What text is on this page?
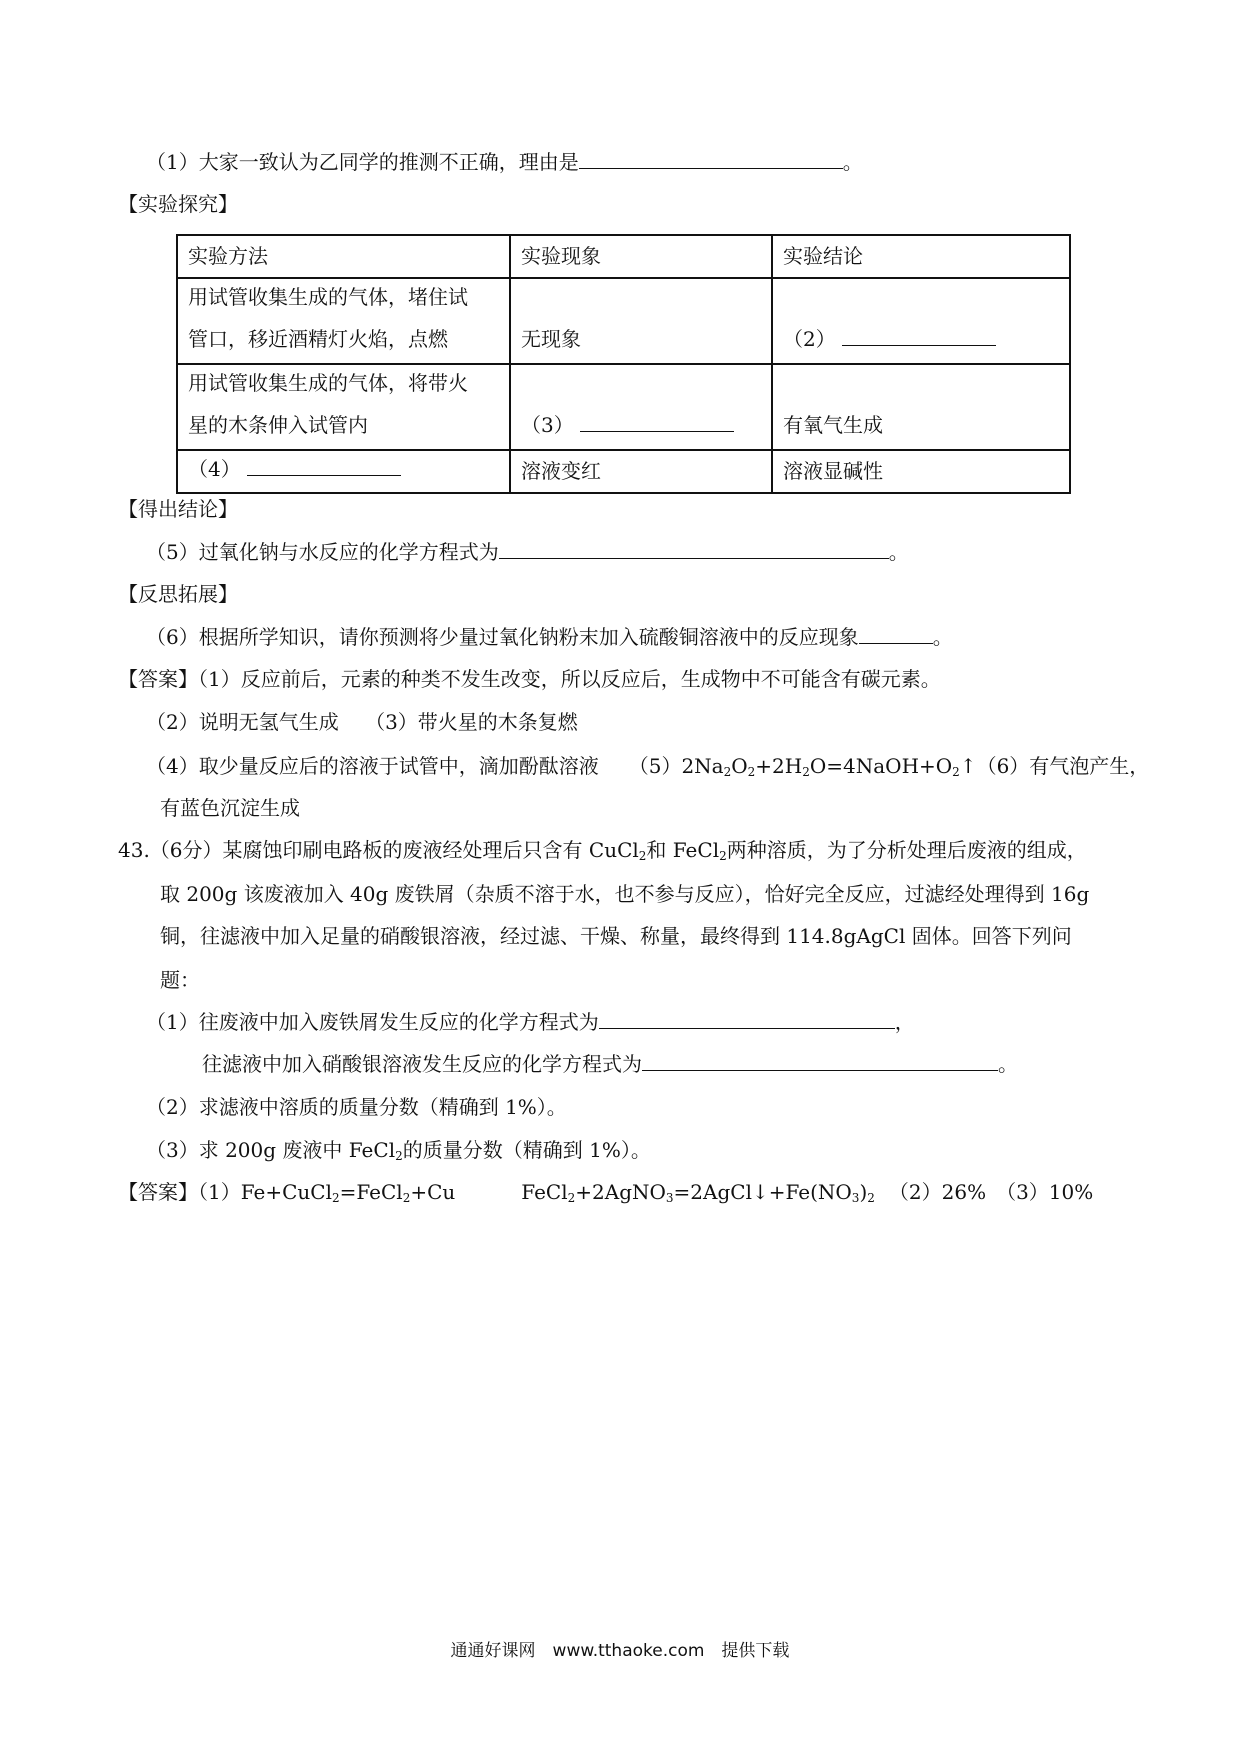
（1）大家一致认为乙同学的推测不正确，理由是	。
【实验探究】
实验方法	实验现象	实验结论

用试管收集生成的气体，堵住试
管口，移近酒精灯火焰，点燃	无现象	（2）

用试管收集生成的气体，将带火
星的木条伸入试管内	（3）	有氧气生成

（4）	溶液变红	溶液显碱性
【得出结论】
（5）过氧化钠与水反应的化学方程式为	。
【反思拓展】
（6）根据所学知识，请你预测将少量过氧化钠粉末加入硫酸铜溶液中的反应现象	。
【答案】（1）反应前后，元素的种类不发生改变，所以反应后，生成物中不可能含有碳元素。
（2）说明无氢气生成　 （3）带火星的木条复燃
（4）取少量反应后的溶液于试管中，滴加酚酞溶液　　$(5)2Na_2O_2+2H_2O=4NaOH+O_2↑(6)$有气泡产生，
有蓝色沉淀生成
43.（6分）某腐蚀印刷电路板的废液经处理后只含有 CuCl$_2$和 FeCl$_2$两种溶质，为了分析处理后废液的组成，
取 200g 该废液加入 40g 废铁屑（杂质不溶于水，也不参与反应），恰好完全反应，过滤经处理得到 16g
铜，往滤液中加入足量的硝酸银溶液，经过滤、干燥、称量，最终得到 114.8gAgCl 固体。回答下列问
题：
（1）往废液中加入废铁屑发生反应的化学方程式为	，
往滤液中加入硝酸银溶液发生反应的化学方程式为	。
（2）求滤液中溶质的质量分数（精确到 1%）。
（3）求 200g 废液中 FeCl$_2$的质量分数（精确到 1%）。
【答案】（1）Fe+CuCl$_2$=FeCl$_2$+Cu	$FeCl_2+2AgNO_3=2AgCl↓+Fe(NO_3)_2$ （2）26%　（3）10%
通通好课网　www.tthaoke.com　提供下载
